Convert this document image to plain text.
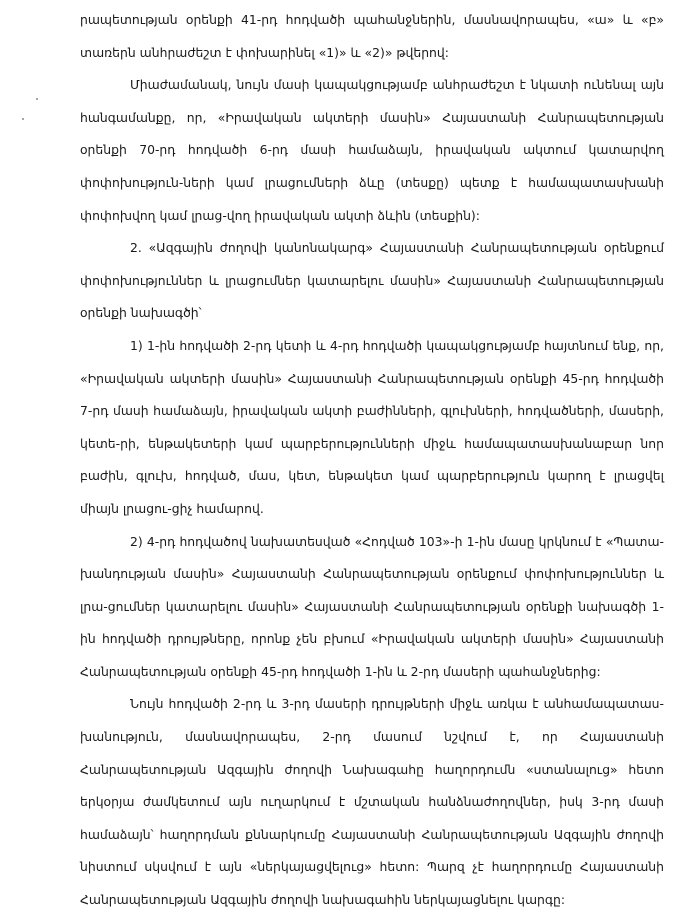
րապետության օրենքի 41-րդ հոդվածի պահանջներին, մասնավորապես, «ա» և «բ» տառերն անհրաժեշտ է փոխարինել «1)» և «2)» թվերով:

Միաժամանակ, նույն մասի կապակցությամբ անհրաժեշտ է նկատի ունենալ այն հանգամանքը, որ, «Իրավական ակտերի մասին» Հայաստանի Հանրապետության օրենքի 70-րդ հոդվածի 6-րդ մասի համաձայն, իրավական ակտում կատարվող փոփոխություն-ների կամ լրացումների ձևը (տեսքը) պետք է համապատասխանի փոփոխվող կամ լրաց-վող իրավական ակտի ձևին (տեսքին):

2. «Ազգային ժողովի կանոնակարգ» Հայաստանի Հանրապետության օրենքում փոփոխություններ և լրացումներ կատարելու մասին» Հայաստանի Հանրապետության օրենքի նախագծի՝

1) 1-ին հոդվածի 2-րդ կետի և 4-րդ հոդվածի կապակցությամբ հայտնում ենք, որ, «Իրավական ակտերի մասին» Հայաստանի Հանրապետության օրենքի 45-րդ հոդվածի 7-րդ մասի համաձայն, իրավական ակտի բաժինների, գլուխների, հոդվածների, մասերի, կետե-րի, ենթակետերի կամ պարբերությունների միջև համապատասխանաբար նոր բաժին, գլուխ, հոդված, մաս, կետ, ենթակետ կամ պարբերություն կարող է լրացվել միայն լրացու-ցիչ համարով.

2) 4-րդ հոդվածով նախատեսված «Հոդված 103»-ի 1-ին մասը կրկնում է «Պատա-խանդության մասին» Հայաստանի Հանրապետության օրենքում փոփոխություններ և լրա-ցումներ կատարելու մասին» Հայաստանի Հանրապետության օրենքի նախագծի 1-ին հոդվածի դրույթները, որոնք չեն բխում «Իրավական ակտերի մասին» Հայաստանի Հանրապետության օրենքի 45-րդ հոդվածի 1-ին և 2-րդ մասերի պահանջներից:

Նույն հոդվածի 2-րդ և 3-րդ մասերի դրույթների միջև առկա է անհամապատաս-խանություն, մասնավորապես, 2-րդ մասում նշվում է, որ Հայաստանի Հանրապետության Ազգային ժողովի Նախագահը հաղորդումն «ստանալուց» հետո երկօրյա ժամկետում այն ուղարկում է մշտական հանձնաժողովներ, իսկ 3-րդ մասի համաձայն՝ հաղորդման քննարկումը Հայաստանի Հանրապետության Ազգային ժողովի նիստում սկսվում է այն «ներկայացվելուց» հետո: Պարզ չէ հաղորդումը Հայաստանի Հանրապետության Ազգային ժողովի նախագահին ներկայացնելու կարգը:
